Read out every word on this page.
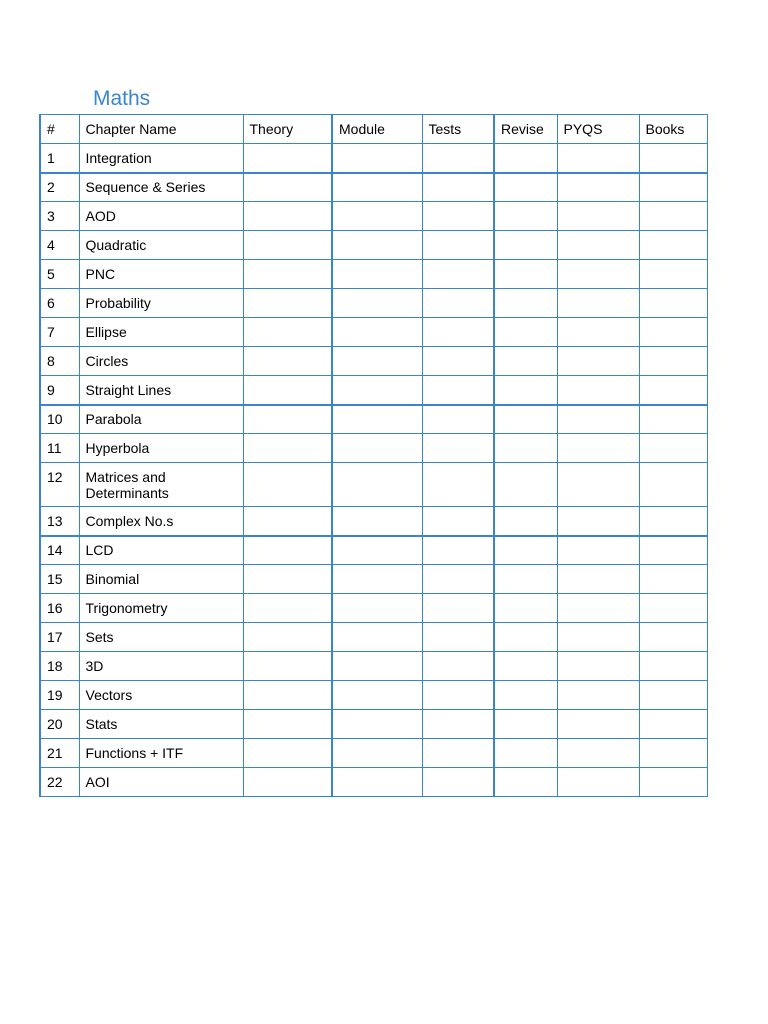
Maths
#	Chapter Name	Theory	Module	Tests	Revise	PYQS	Books
1	Integration						
2	Sequence & Series						
3	AOD						
4	Quadratic						
5	PNC						
6	Probability						
7	Ellipse						
8	Circles						
9	Straight Lines						
10	Parabola						
11	Hyperbola						
12	Matrices and Determinants						
13	Complex No.s						
14	LCD						
15	Binomial						
16	Trigonometry						
17	Sets						
18	3D						
19	Vectors						
20	Stats						
21	Functions + ITF						
22	AOI						
